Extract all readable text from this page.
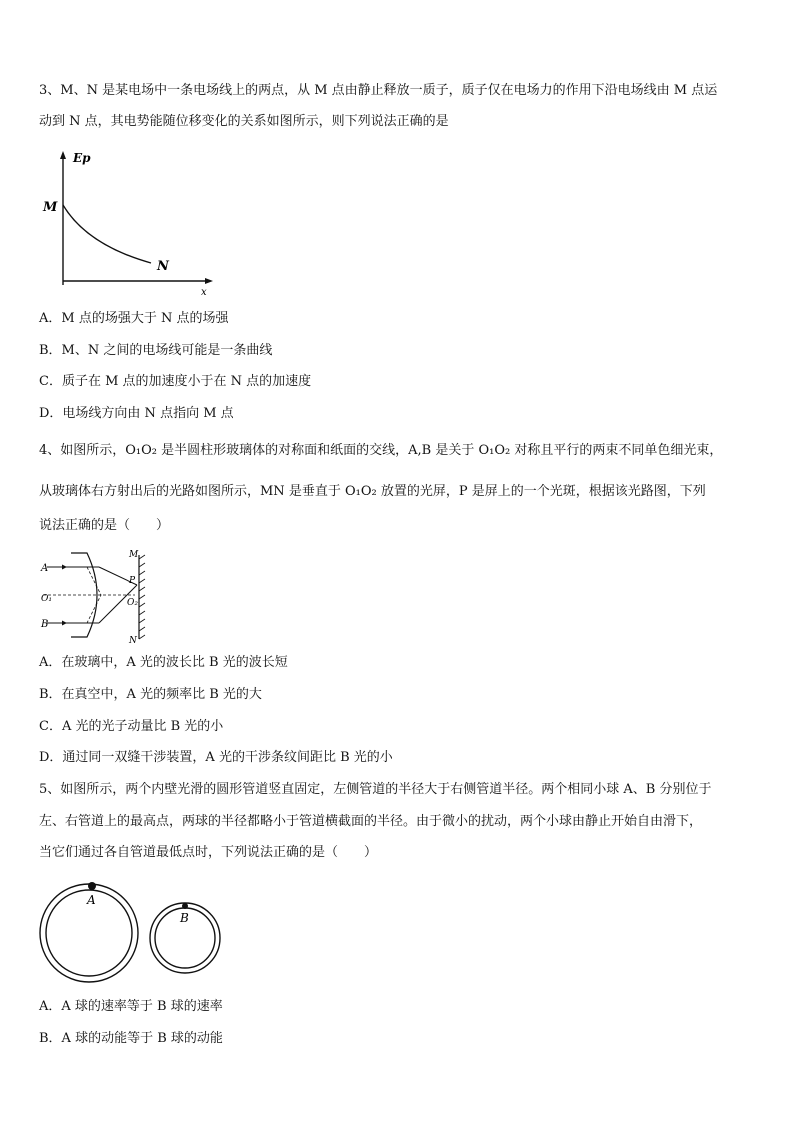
3、M、N 是某电场中一条电场线上的两点，从 M 点由静止释放一质子，质子仅在电场力的作用下沿电场线由 M 点运
动到 N 点，其电势能随位移变化的关系如图所示，则下列说法正确的是
Ep
M
N
x
A．M 点的场强大于 N 点的场强
B．M、N 之间的电场线可能是一条曲线
C．质子在 M 点的加速度小于在 N 点的加速度
D．电场线方向由 N 点指向 M 点
4、如图所示，O₁O₂ 是半圆柱形玻璃体的对称面和纸面的交线，A,B 是关于 O₁O₂ 对称且平行的两束不同单色细光束，
从玻璃体右方射出后的光路如图所示，MN 是垂直于 O₁O₂ 放置的光屏，P 是屏上的一个光斑，根据该光路图，下列
说法正确的是（　　）
A
B
O₁	O₂
M
N
P
A．在玻璃中，A 光的波长比 B 光的波长短
B．在真空中，A 光的频率比 B 光的大
C．A 光的光子动量比 B 光的小
D．通过同一双缝干涉装置，A 光的干涉条纹间距比 B 光的小
5、如图所示，两个内壁光滑的圆形管道竖直固定，左侧管道的半径大于右侧管道半径。两个相同小球 A、B 分别位于
左、右管道上的最高点，两球的半径都略小于管道横截面的半径。由于微小的扰动，两个小球由静止开始自由滑下，
当它们通过各自管道最低点时，下列说法正确的是（　　）
A
B
A．A 球的速率等于 B 球的速率
B．A 球的动能等于 B 球的动能
